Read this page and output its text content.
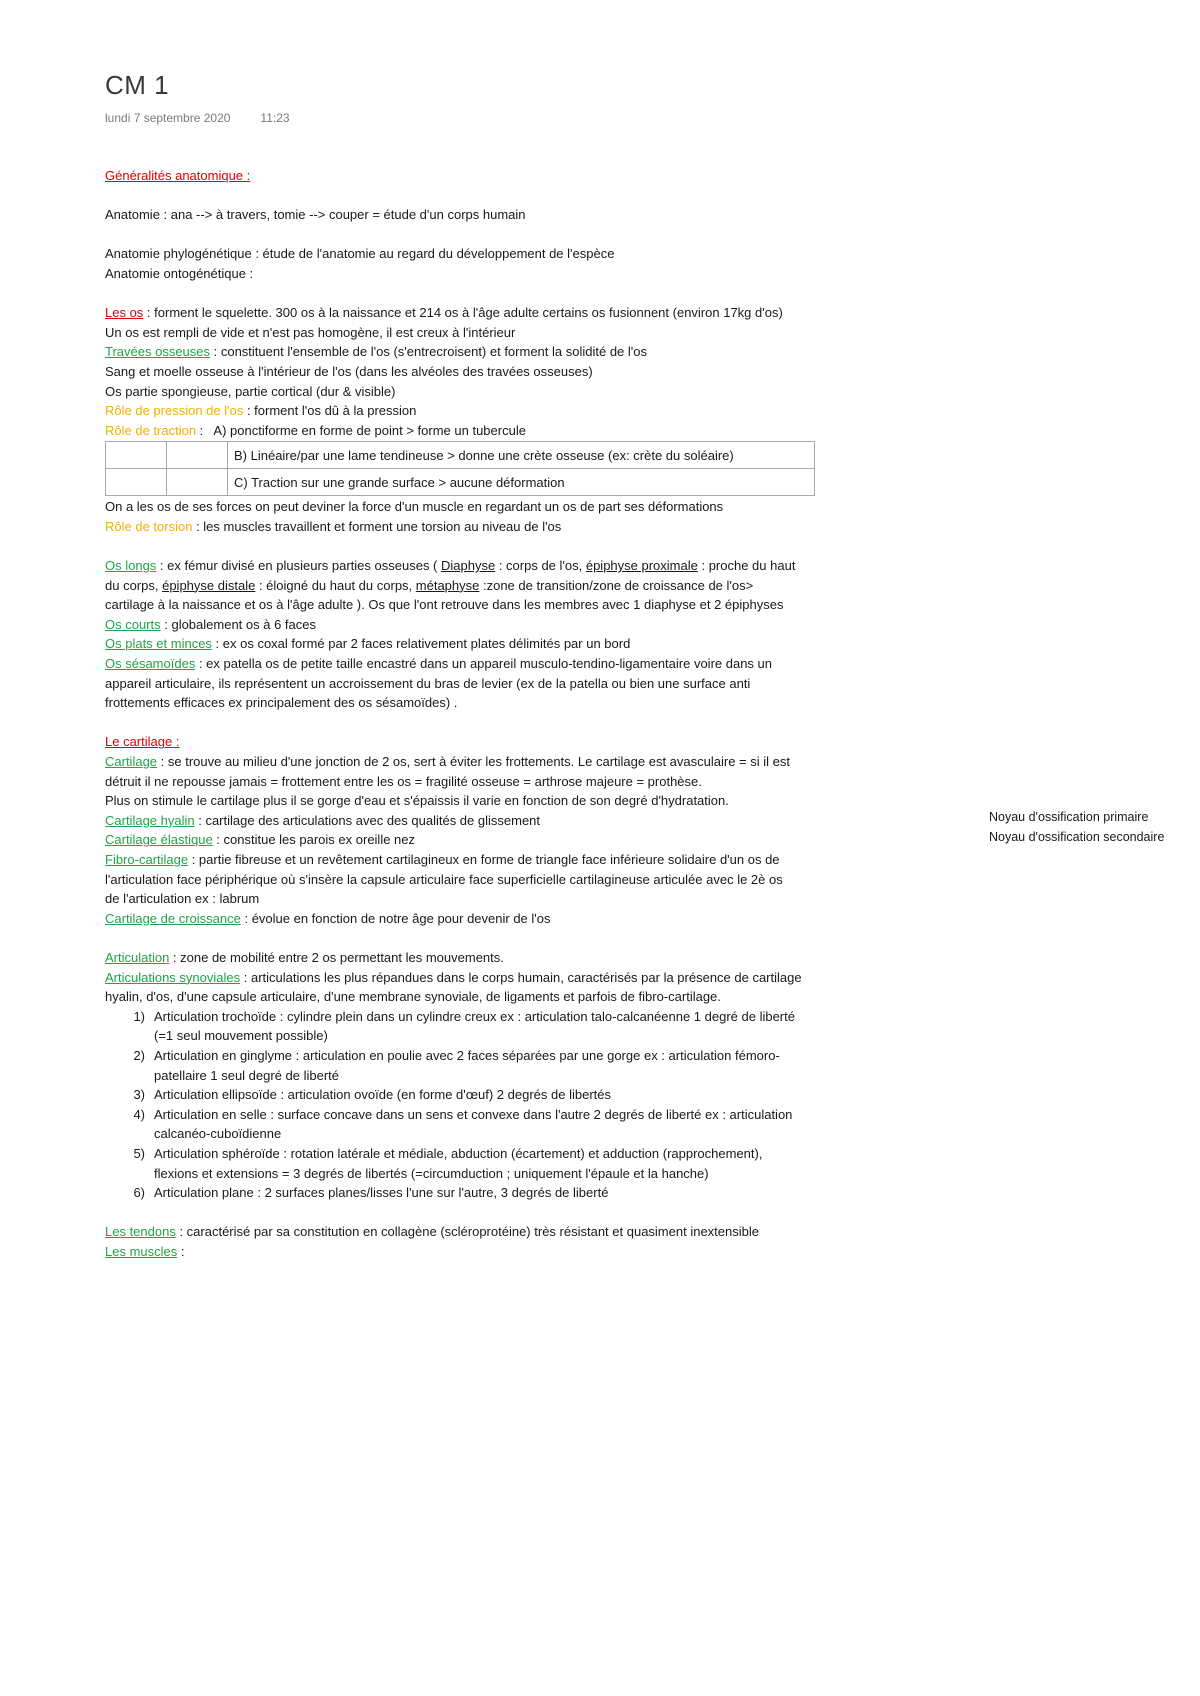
CM 1
lundi 7 septembre 2020	11:23
Généralités anatomique :
Anatomie : ana --> à travers, tomie --> couper = étude d'un corps humain
Anatomie phylogénétique : étude de l'anatomie au regard du développement de l'espèce
Anatomie ontogénétique :
Les os : forment le squelette. 300 os à la naissance et 214 os à l'âge adulte certains os fusionnent (environ 17kg d'os)
Un os est rempli de vide et n'est pas homogène, il est creux à l'intérieur
Travées osseuses : constituent l'ensemble de l'os (s'entrecroisent) et forment la solidité de l'os
Sang et moelle osseuse à l'intérieur de l'os (dans les alvéoles des travées osseuses)
Os partie spongieuse, partie cortical (dur & visible)
Rôle de pression de l'os : forment l'os dû à la pression
Rôle de traction :   A) ponctiforme en forme de point > forme un tubercule
		B) Linéaire/par une lame tendineuse > donne une crète osseuse (ex: crète du soléaire)
		C) Traction sur une grande surface > aucune déformation
On a les os de ses forces on peut deviner la force d'un muscle en regardant un os de part ses déformations
Rôle de torsion : les muscles travaillent et forment une torsion au niveau de l'os
Os longs : ex fémur divisé en plusieurs parties osseuses ( Diaphyse : corps de l'os, épiphyse proximale : proche du haut
du corps, épiphyse distale : éloigné du haut du corps, métaphyse :zone de transition/zone de croissance de l'os>
cartilage à la naissance et os à l'âge adulte ). Os que l'ont retrouve dans les membres avec 1 diaphyse et 2 épiphyses
Os courts : globalement os à 6 faces
Os plats et minces : ex os coxal formé par 2 faces relativement plates délimités par un bord
Os sésamoïdes : ex patella os de petite taille encastré dans un appareil musculo-tendino-ligamentaire voire dans un
appareil articulaire, ils représentent un accroissement du bras de levier (ex de la patella ou bien une surface anti
frottements efficaces ex principalement des os sésamoïdes) .
Le cartilage :
Cartilage : se trouve au milieu d'une jonction de 2 os, sert à éviter les frottements. Le cartilage est avasculaire = si il est
détruit il ne repousse jamais = frottement entre les os = fragilité osseuse = arthrose majeure = prothèse.
Plus on stimule le cartilage plus il se gorge d'eau et s'épaissis il varie en fonction de son degré d'hydratation.
Cartilage hyalin : cartilage des articulations avec des qualités de glissement
Cartilage élastique : constitue les parois ex oreille nez
Fibro-cartilage : partie fibreuse et un revêtement cartilagineux en forme de triangle face inférieure solidaire d'un os de
l'articulation face périphérique où s'insère la capsule articulaire face superficielle cartilagineuse articulée avec le 2è os
de l'articulation ex : labrum
Cartilage de croissance : évolue en fonction de notre âge pour devenir de l'os
Articulation : zone de mobilité entre 2 os permettant les mouvements.
Articulations synoviales : articulations les plus répandues dans le corps humain, caractérisés par la présence de cartilage
hyalin, d'os, d'une capsule articulaire, d'une membrane synoviale, de ligaments et parfois de fibro-cartilage.
1) Articulation trochoïde : cylindre plein dans un cylindre creux ex : articulation talo-calcanéenne 1 degré de liberté
(=1 seul mouvement possible)
2) Articulation en ginglyme : articulation en poulie avec 2 faces séparées par une gorge ex : articulation fémoro-
patellaire 1 seul degré de liberté
3) Articulation ellipsoïde : articulation ovoïde (en forme d'œuf) 2 degrés de libertés
4) Articulation en selle : surface concave dans un sens et convexe dans l'autre 2 degrés de liberté ex : articulation
calcanéo-cuboïdienne
5) Articulation sphéroïde : rotation latérale et médiale, abduction (écartement) et adduction (rapprochement),
flexions et extensions = 3 degrés de libertés (=circumduction ; uniquement l'épaule et la hanche)
6) Articulation plane : 2 surfaces planes/lisses l'une sur l'autre, 3 degrés de liberté
Les tendons : caractérisé par sa constitution en collagène (scléroprotéine) très résistant et quasiment inextensible
Les muscles :
Noyau d'ossification primaire
Noyau d'ossification secondaire
